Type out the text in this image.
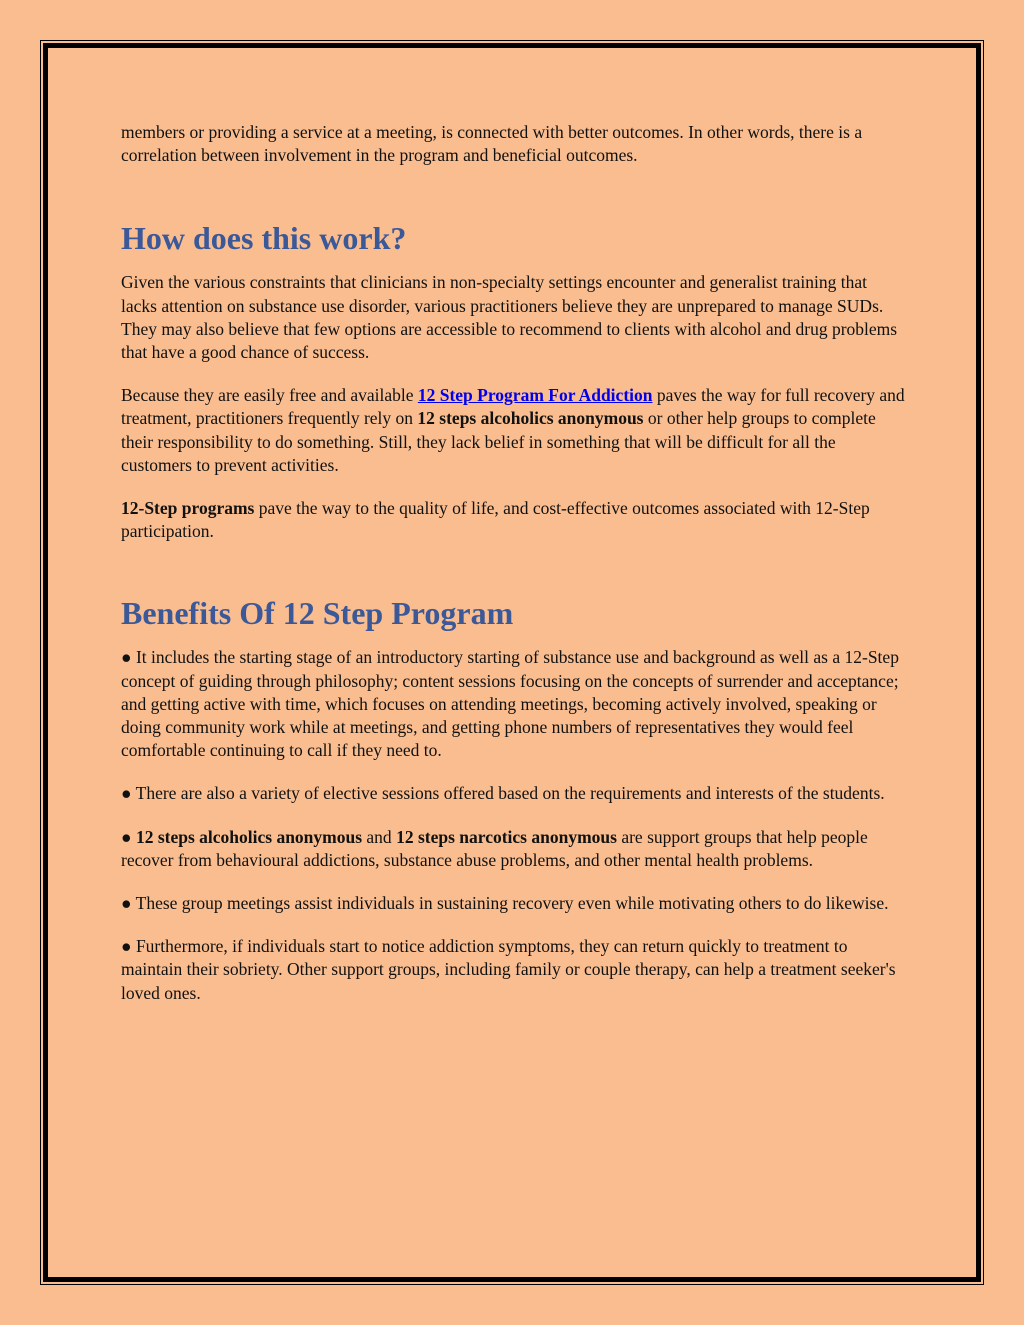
members or providing a service at a meeting, is connected with better outcomes. In other words, there is a correlation between involvement in the program and beneficial outcomes.

How does this work?

Given the various constraints that clinicians in non-specialty settings encounter and generalist training that lacks attention on substance use disorder, various practitioners believe they are unprepared to manage SUDs. They may also believe that few options are accessible to recommend to clients with alcohol and drug problems that have a good chance of success.

Because they are easily free and available 12 Step Program For Addiction paves the way for full recovery and treatment, practitioners frequently rely on 12 steps alcoholics anonymous or other help groups to complete their responsibility to do something. Still, they lack belief in something that will be difficult for all the customers to prevent activities.

12-Step programs pave the way to the quality of life, and cost-effective outcomes associated with 12-Step participation.

Benefits Of 12 Step Program

● It includes the starting stage of an introductory starting of substance use and background as well as a 12-Step concept of guiding through philosophy; content sessions focusing on the concepts of surrender and acceptance; and getting active with time, which focuses on attending meetings, becoming actively involved, speaking or doing community work while at meetings, and getting phone numbers of representatives they would feel comfortable continuing to call if they need to.

● There are also a variety of elective sessions offered based on the requirements and interests of the students.

● 12 steps alcoholics anonymous and 12 steps narcotics anonymous are support groups that help people recover from behavioural addictions, substance abuse problems, and other mental health problems.

● These group meetings assist individuals in sustaining recovery even while motivating others to do likewise.

● Furthermore, if individuals start to notice addiction symptoms, they can return quickly to treatment to maintain their sobriety. Other support groups, including family or couple therapy, can help a treatment seeker's loved ones.
